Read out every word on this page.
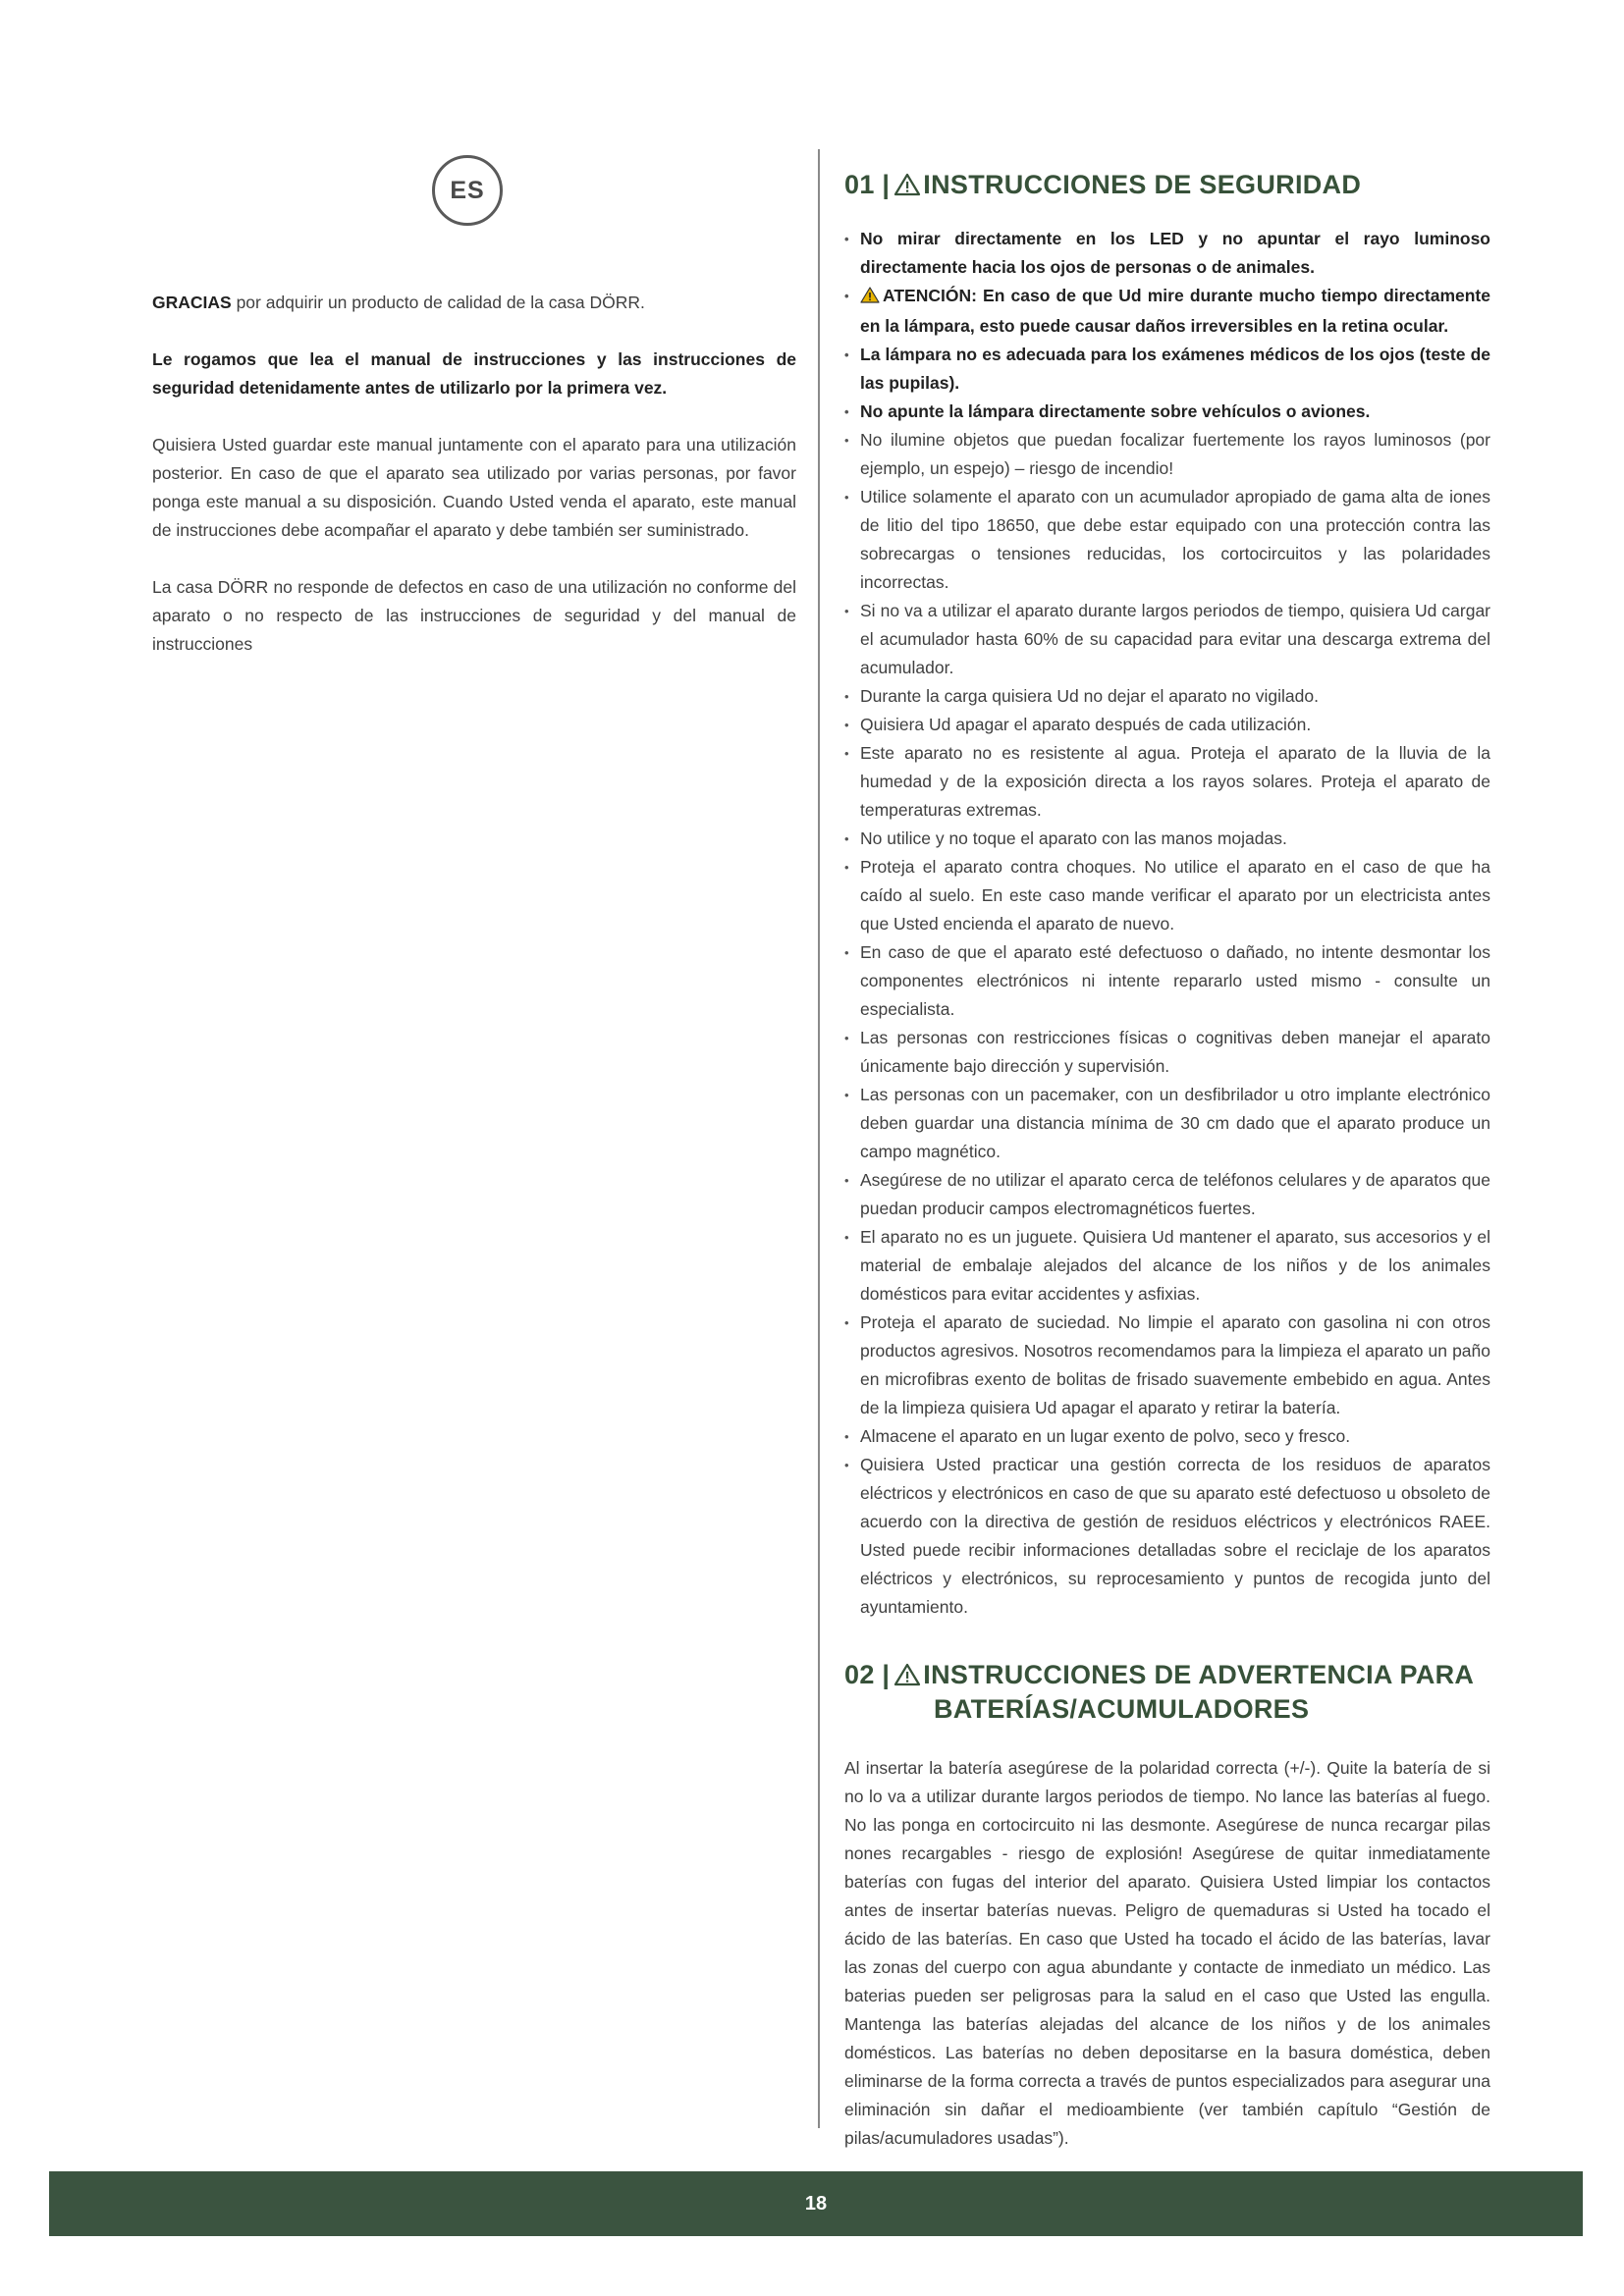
ES

GRACIAS por adquirir un producto de calidad de la casa DÖRR.

Le rogamos que lea el manual de instrucciones y las instrucciones de seguridad detenidamente antes de utilizarlo por la primera vez.

Quisiera Usted guardar este manual juntamente con el aparato para una utilización posterior. En caso de que el aparato sea utilizado por varias personas, por favor ponga este manual a su disposición. Cuando Usted venda el aparato, este manual de instrucciones debe acompañar el aparato y debe también ser suministrado.

La casa DÖRR no responde de defectos en caso de una utilización no conforme del aparato o no respecto de las instrucciones de seguridad y del manual de instrucciones

01 | INSTRUCCIONES DE SEGURIDAD
• No mirar directamente en los LED y no apuntar el rayo luminoso directamente hacia los ojos de personas o de animales.
• ATENCIÓN: En caso de que Ud mire durante mucho tiempo directamente en la lámpara, esto puede causar daños irreversibles en la retina ocular.
• La lámpara no es adecuada para los exámenes médicos de los ojos (teste de las pupilas).
• No apunte la lámpara directamente sobre vehículos o aviones.
• No ilumine objetos que puedan focalizar fuertemente los rayos luminosos (por ejemplo, un espejo) – riesgo de incendio!
• Utilice solamente el aparato con un acumulador apropiado de gama alta de iones de litio del tipo 18650, que debe estar equipado con una protección contra las sobrecargas o tensiones reducidas, los cortocircuitos y las polaridades incorrectas.
• Si no va a utilizar el aparato durante largos periodos de tiempo, quisiera Ud cargar el acumulador hasta 60% de su capacidad para evitar una descarga extrema del acumulador.
• Durante la carga quisiera Ud no dejar el aparato no vigilado.
• Quisiera Ud apagar el aparato después de cada utilización.
• Este aparato no es resistente al agua. Proteja el aparato de la lluvia de la humedad y de la exposición directa a los rayos solares. Proteja el aparato de temperaturas extremas.
• No utilice y no toque el aparato con las manos mojadas.
• Proteja el aparato contra choques. No utilice el aparato en el caso de que ha caído al suelo. En este caso mande verificar el aparato por un electricista antes que Usted encienda el aparato de nuevo.
• En caso de que el aparato esté defectuoso o dañado, no intente desmontar los componentes electrónicos ni intente repararlo usted mismo - consulte un especialista.
• Las personas con restricciones físicas o cognitivas deben manejar el aparato únicamente bajo dirección y supervisión.
• Las personas con un pacemaker, con un desfibrilador u otro implante electrónico deben guardar una distancia mínima de 30 cm dado que el aparato produce un campo magnético.
• Asegúrese de no utilizar el aparato cerca de teléfonos celulares y de aparatos que puedan producir campos electromagnéticos fuertes.
• El aparato no es un juguete. Quisiera Ud mantener el aparato, sus accesorios y el material de embalaje alejados del alcance de los niños y de los animales domésticos para evitar accidentes y asfixias.
• Proteja el aparato de suciedad. No limpie el aparato con gasolina ni con otros productos agresivos. Nosotros recomendamos para la limpieza el aparato un paño en microfibras exento de bolitas de frisado suavemente embebido en agua. Antes de la limpieza quisiera Ud apagar el aparato y retirar la batería.
• Almacene el aparato en un lugar exento de polvo, seco y fresco.
• Quisiera Usted practicar una gestión correcta de los residuos de aparatos eléctricos y electrónicos en caso de que su aparato esté defectuoso u obsoleto de acuerdo con la directiva de gestión de residuos eléctricos y electrónicos RAEE. Usted puede recibir informaciones detalladas sobre el reciclaje de los aparatos eléctricos y electrónicos, su reprocesamiento y puntos de recogida junto del ayuntamiento.
02 | INSTRUCCIONES DE ADVERTENCIA PARA
BATERÍAS/ACUMULADORES
Al insertar la batería asegúrese de la polaridad correcta (+/-). Quite la batería de si no lo va a utilizar durante largos periodos de tiempo. No lance las baterías al fuego. No las ponga en cortocircuito ni las desmonte. Asegúrese de nunca recargar pilas nones recargables - riesgo de explosión! Asegúrese de quitar inmediatamente baterías con fugas del interior del aparato. Quisiera Usted limpiar los contactos antes de insertar baterías nuevas. Peligro de quemaduras si Usted ha tocado el ácido de las baterías. En caso que Usted ha tocado el ácido de las baterías, lavar las zonas del cuerpo con agua abundante y contacte de inmediato un médico. Las baterias pueden ser peligrosas para la salud en el caso que Usted las engulla. Mantenga las baterías alejadas del alcance de los niños y de los animales domésticos. Las baterías no deben depositarse en la basura doméstica, deben eliminarse de la forma correcta a través de puntos especializados para asegurar una eliminación sin dañar el medioambiente (ver también capítulo “Gestión de pilas/acumuladores usadas”).
18
